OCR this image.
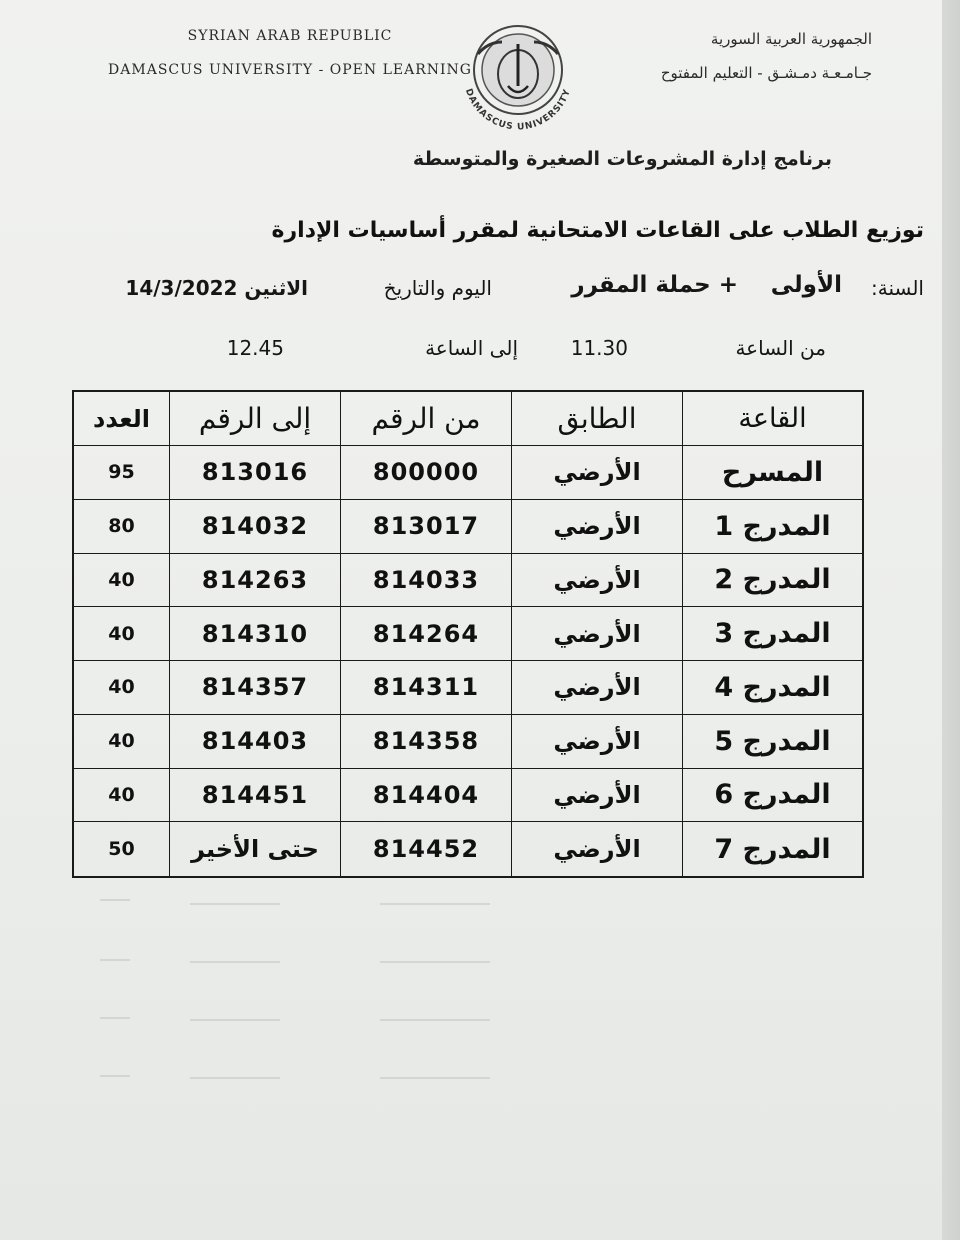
SYRIAN ARAB REPUBLIC
DAMASCUS UNIVERSITY - OPEN LEARNING
DAMASCUS UNIVERSITY
الجمهورية العربية السورية
جـامـعـة دمـشـق - التعليم المفتوح
برنامج إدارة المشروعات الصغيرة والمتوسطة
توزيع الطلاب على القاعات الامتحانية لمقرر أساسيات الإدارة
السنة:
الأولى
+ حملة المقرر
اليوم والتاريخ
الاثنين 14/3/2022
من الساعة
11.30
إلى الساعة
12.45
القاعة
الطابق
من الرقم
إلى الرقم
العدد
المسرح
الأرضي
800000
813016
95
المدرج 1
الأرضي
813017
814032
80
المدرج 2
الأرضي
814033
814263
40
المدرج 3
الأرضي
814264
814310
40
المدرج 4
الأرضي
814311
814357
40
المدرج 5
الأرضي
814358
814403
40
المدرج 6
الأرضي
814404
814451
40
المدرج 7
الأرضي
814452
حتى الأخير
50
